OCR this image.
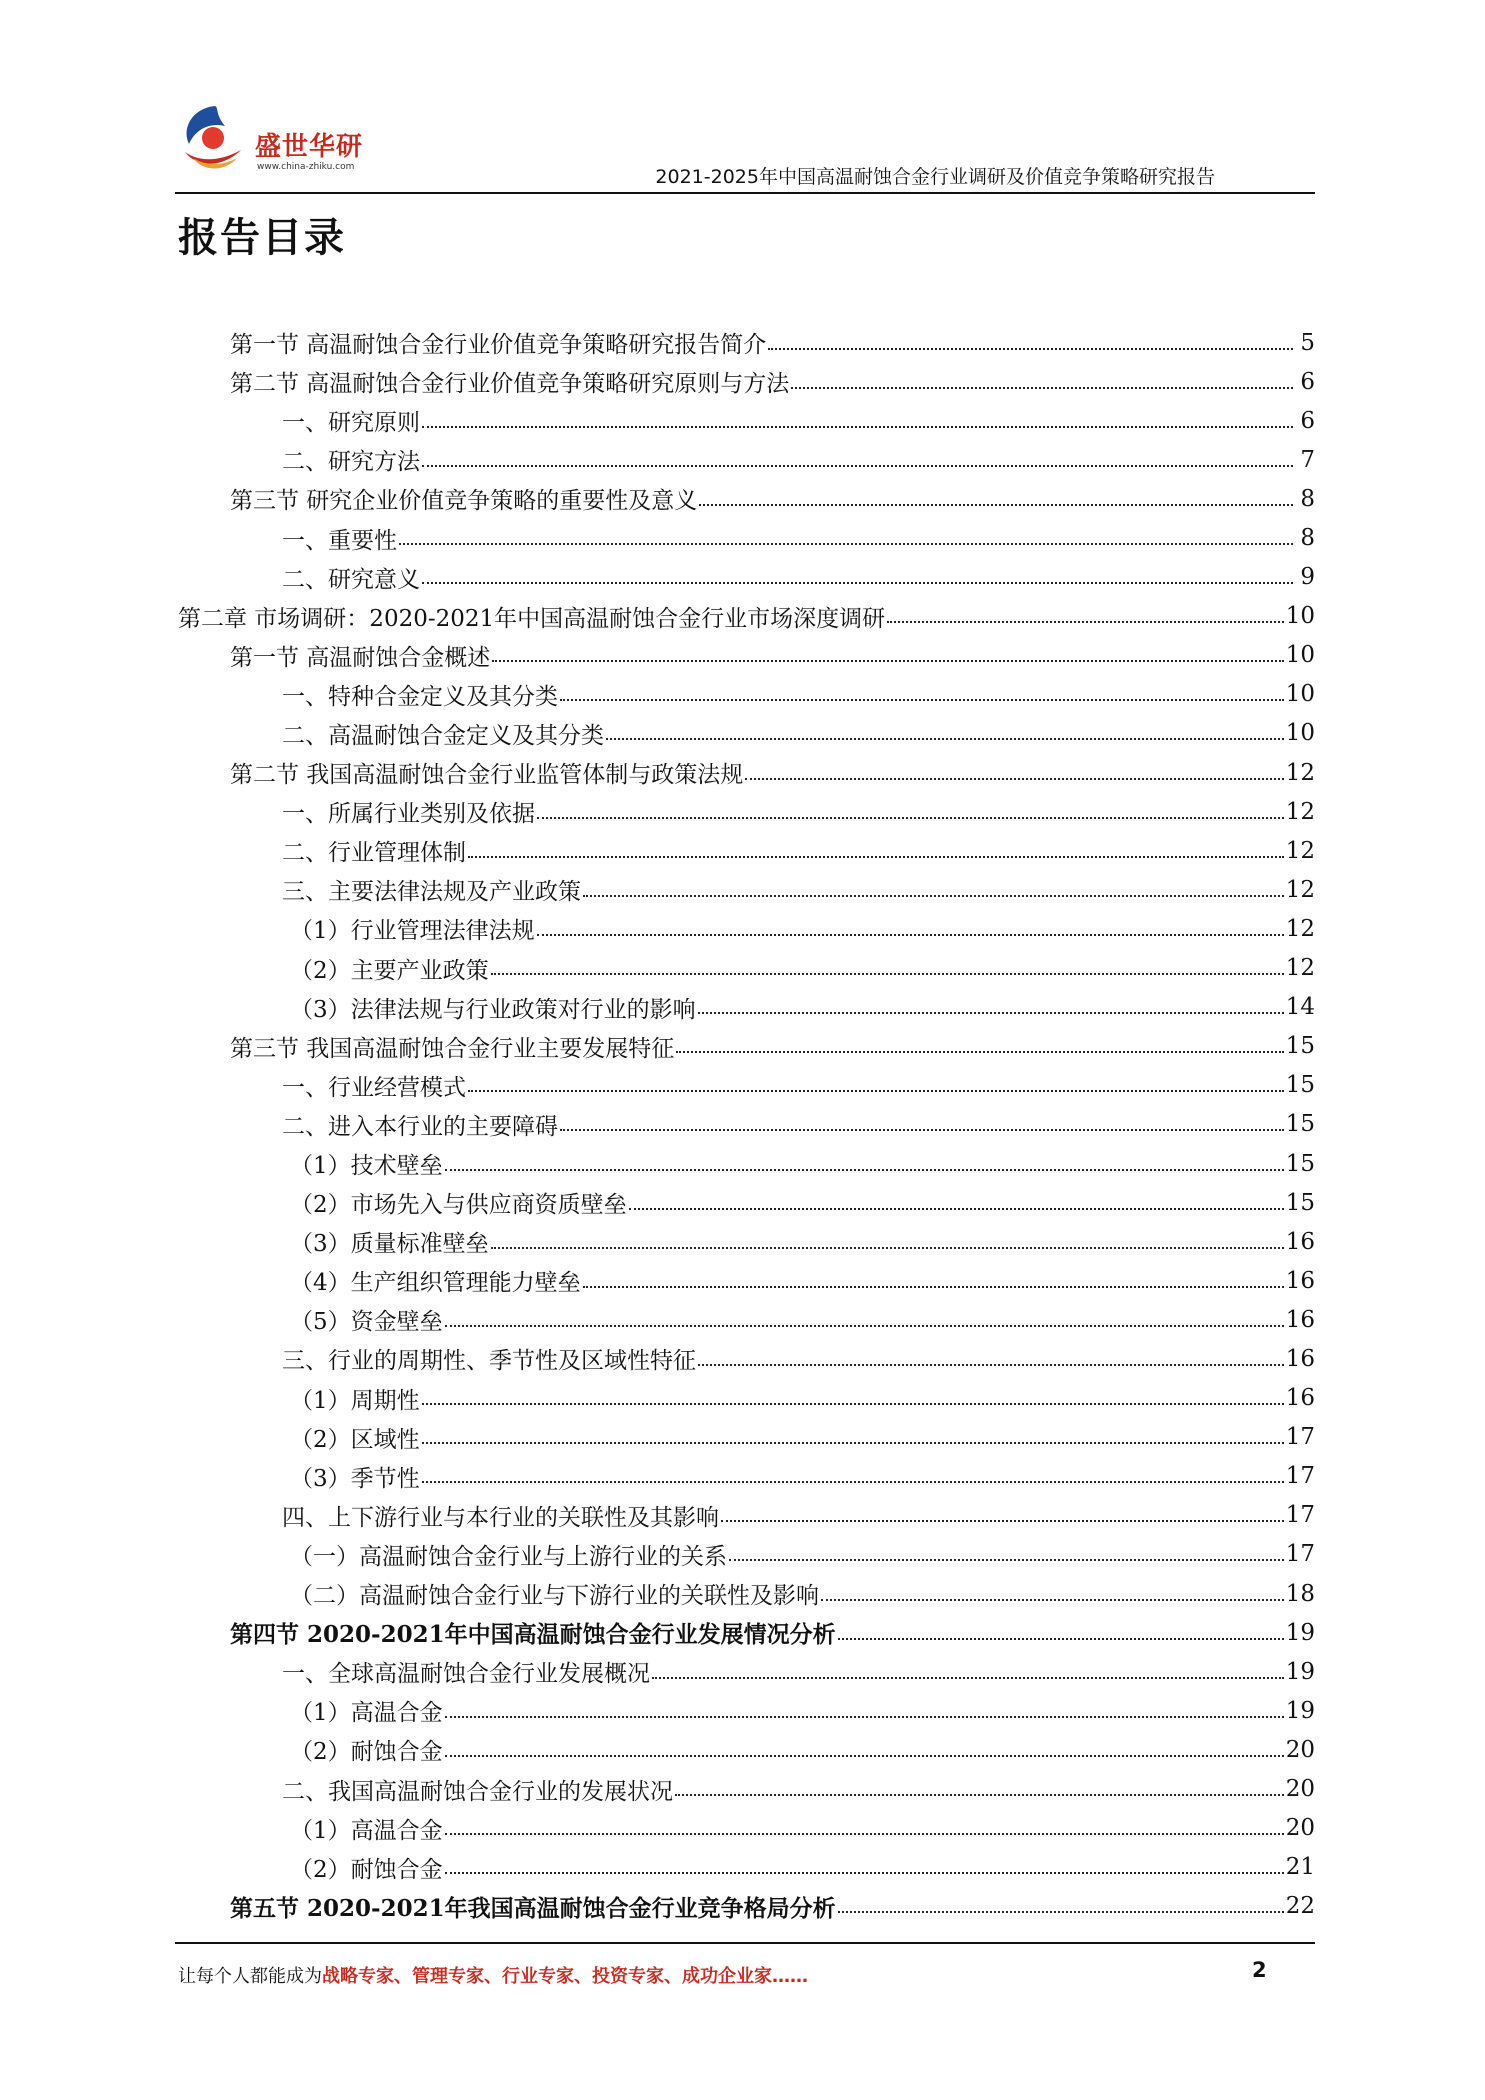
盛世华研
www.china-zhiku.com	2021-2025年中国高温耐蚀合金行业调研及价值竞争策略研究报告
报告目录
第一节 高温耐蚀合金行业价值竞争策略研究报告简介	5
第二节 高温耐蚀合金行业价值竞争策略研究原则与方法	6
一、研究原则	6
二、研究方法	7
第三节 研究企业价值竞争策略的重要性及意义	8
一、重要性	8
二、研究意义	9
第二章 市场调研：2020-2021年中国高温耐蚀合金行业市场深度调研	10
第一节 高温耐蚀合金概述	10
一、特种合金定义及其分类	10
二、高温耐蚀合金定义及其分类	10
第二节 我国高温耐蚀合金行业监管体制与政策法规	12
一、所属行业类别及依据	12
二、行业管理体制	12
三、主要法律法规及产业政策	12
（1）行业管理法律法规	12
（2）主要产业政策	12
（3）法律法规与行业政策对行业的影响	14
第三节 我国高温耐蚀合金行业主要发展特征	15
一、行业经营模式	15
二、进入本行业的主要障碍	15
（1）技术壁垒	15
（2）市场先入与供应商资质壁垒	15
（3）质量标准壁垒	16
（4）生产组织管理能力壁垒	16
（5）资金壁垒	16
三、行业的周期性、季节性及区域性特征	16
（1）周期性	16
（2）区域性	17
（3）季节性	17
四、上下游行业与本行业的关联性及其影响	17
（一）高温耐蚀合金行业与上游行业的关系	17
（二）高温耐蚀合金行业与下游行业的关联性及影响	18
第四节 2020-2021年中国高温耐蚀合金行业发展情况分析	19
一、全球高温耐蚀合金行业发展概况	19
（1）高温合金	19
（2）耐蚀合金	20
二、我国高温耐蚀合金行业的发展状况	20
（1）高温合金	20
（2）耐蚀合金	21
第五节 2020-2021年我国高温耐蚀合金行业竞争格局分析	22
让每个人都能成为战略专家、管理专家、行业专家、投资专家、成功企业家……	2
